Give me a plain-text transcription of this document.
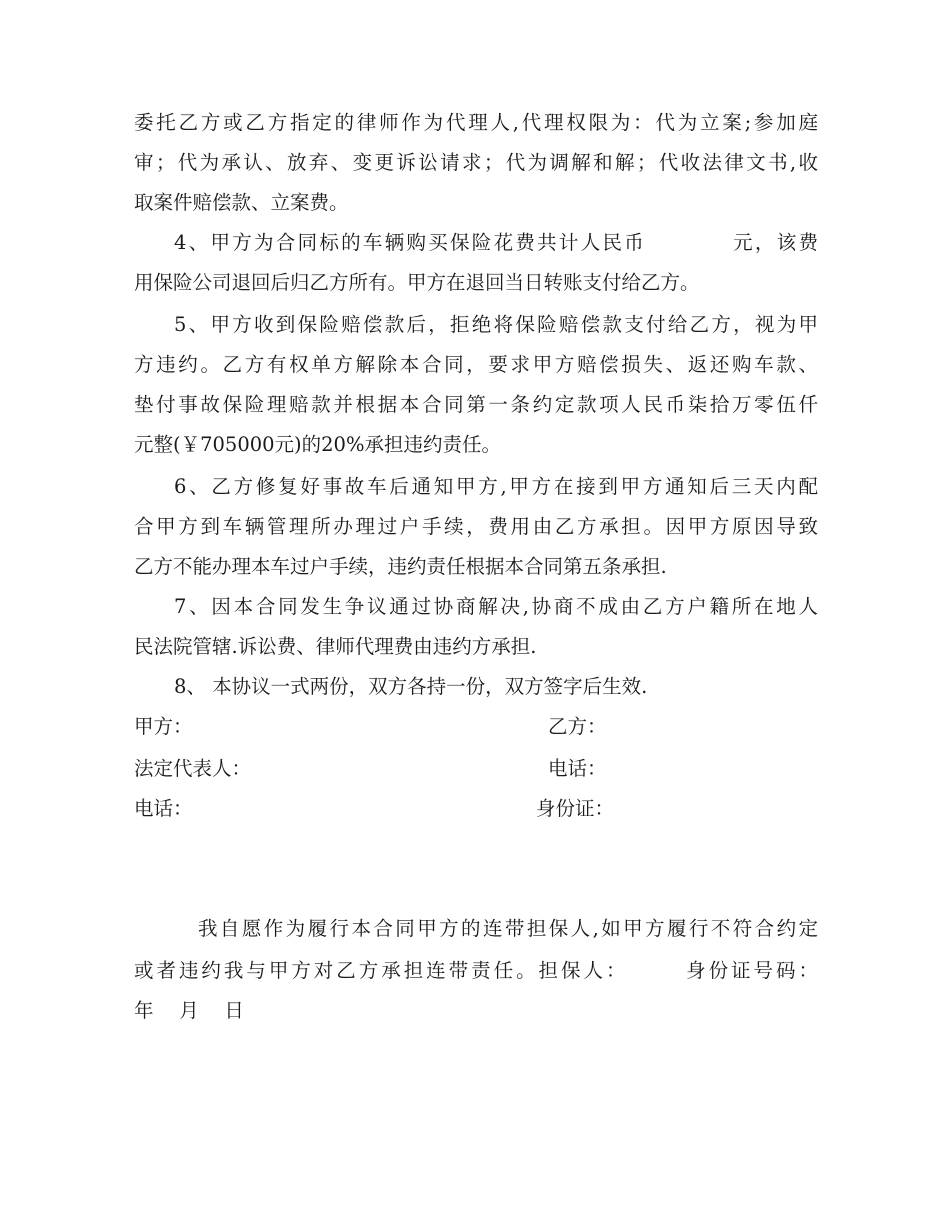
委托乙方或乙方指定的律师作为代理人,代理权限为：代为立案;参加庭
审；代为承认、放弃、变更诉讼请求；代为调解和解；代收法律文书,收
取案件赔偿款、立案费。
4、甲方为合同标的车辆购买保险花费共计人民币　　　　元，该费
用保险公司退回后归乙方所有。甲方在退回当日转账支付给乙方。
5、甲方收到保险赔偿款后，拒绝将保险赔偿款支付给乙方，视为甲
方违约。乙方有权单方解除本合同，要求甲方赔偿损失、返还购车款、
垫付事故保险理赔款并根据本合同第一条约定款项人民币柒拾万零伍仟
元整(￥705000元)的20%承担违约责任。
6、乙方修复好事故车后通知甲方,甲方在接到甲方通知后三天内配
合甲方到车辆管理所办理过户手续，费用由乙方承担。因甲方原因导致
乙方不能办理本车过户手续，违约责任根据本合同第五条承担.
7、因本合同发生争议通过协商解决,协商不成由乙方户籍所在地人
民法院管辖.诉讼费、律师代理费由违约方承担.
8、 本协议一式两份，双方各持一份，双方签字后生效.
甲方：	乙方：
法定代表人：	电话：
电话：	身份证：
我自愿作为履行本合同甲方的连带担保人,如甲方履行不符合约定
或者违约我与甲方对乙方承担连带责任。担保人：　　　身份证号码：
年　 月　 日
